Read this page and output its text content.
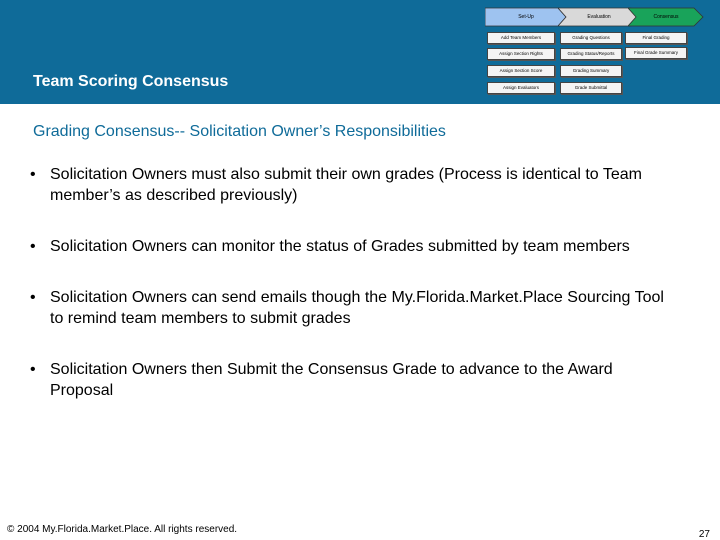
Set-Up	Evaluation	Consensus
Add Team Members
Assign Section Rights
Assign Section Score
Assign Evaluators
Grading Questions
Grading Status/Reports
Grading Summary
Grade Submittal
Final Grading
Final Grade Summary
Team Scoring Consensus
Grading Consensus-- Solicitation Owner’s Responsibilities
• Solicitation Owners must also submit their own grades (Process is identical to Team member’s as described previously)
• Solicitation Owners can monitor the status of Grades submitted by team members
• Solicitation Owners can send emails though the My.Florida.Market.Place Sourcing Tool to remind team members to submit grades
• Solicitation Owners then Submit the Consensus Grade to advance to the Award Proposal
© 2004 My.Florida.Market.Place. All rights reserved.	27
